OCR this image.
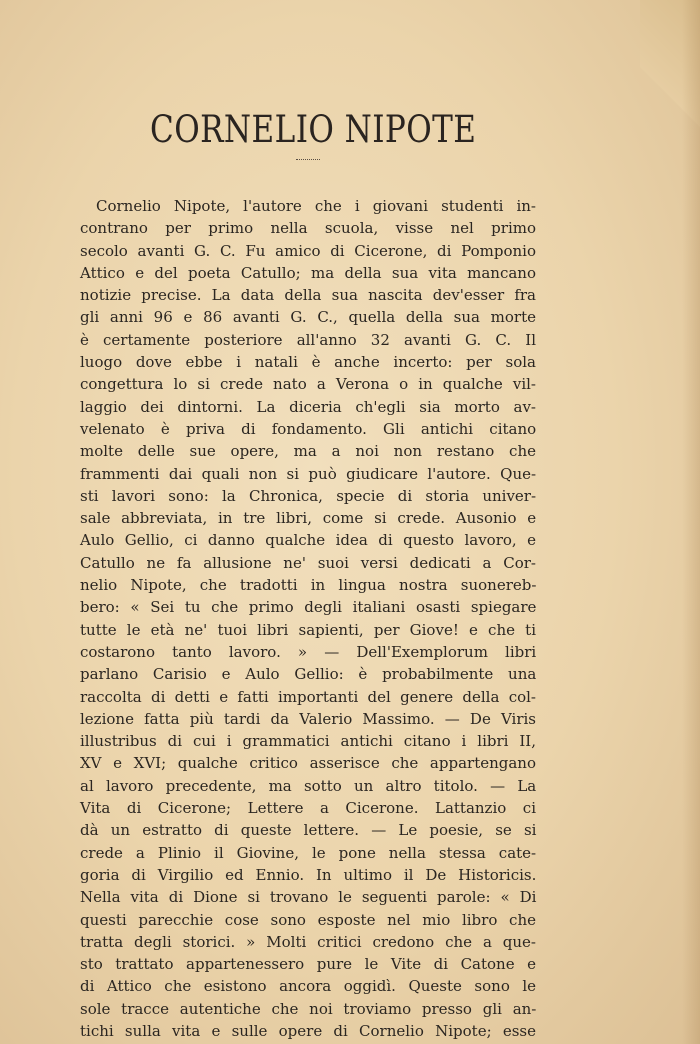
CORNELIO NIPOTE
Cornelio Nipote, l'autore che i giovani studenti in-
contrano per primo nella scuola, visse nel primo
secolo avanti G. C. Fu amico di Cicerone, di Pomponio
Attico e del poeta Catullo; ma della sua vita mancano
notizie precise. La data della sua nascita dev'esser fra
gli anni 96 e 86 avanti G. C., quella della sua morte
è certamente posteriore all'anno 32 avanti G. C. Il
luogo dove ebbe i natali è anche incerto: per sola
congettura lo si crede nato a Verona o in qualche vil-
laggio dei dintorni. La diceria ch'egli sia morto av-
velenato è priva di fondamento. Gli antichi citano
molte delle sue opere, ma a noi non restano che
frammenti dai quali non si può giudicare l'autore. Que-
sti lavori sono: la Chronica, specie di storia univer-
sale abbreviata, in tre libri, come si crede. Ausonio e
Aulo Gellio, ci danno qualche idea di questo lavoro, e
Catullo ne fa allusione ne' suoi versi dedicati a Cor-
nelio Nipote, che tradotti in lingua nostra suonereb-
bero: « Sei tu che primo degli italiani osasti spiegare
tutte le età ne' tuoi libri sapienti, per Giove! e che ti
costarono tanto lavoro. » — Dell'Exemplorum libri
parlano Carisio e Aulo Gellio: è probabilmente una
raccolta di detti e fatti importanti del genere della col-
lezione fatta più tardi da Valerio Massimo. — De Viris
illustribus di cui i grammatici antichi citano i libri II,
XV e XVI; qualche critico asserisce che appartengano
al lavoro precedente, ma sotto un altro titolo. — La
Vita di Cicerone; Lettere a Cicerone. Lattanzio ci
dà un estratto di queste lettere. — Le poesie, se si
crede a Plinio il Giovine, le pone nella stessa cate-
goria di Virgilio ed Ennio. In ultimo il De Historicis.
Nella vita di Dione si trovano le seguenti parole: « Di
questi parecchie cose sono esposte nel mio libro che
tratta degli storici. » Molti critici credono che a que-
sto trattato appartenessero pure le Vite di Catone e
di Attico che esistono ancora oggidì. Queste sono le
sole tracce autentiche che noi troviamo presso gli an-
tichi sulla vita e sulle opere di Cornelio Nipote; esse
